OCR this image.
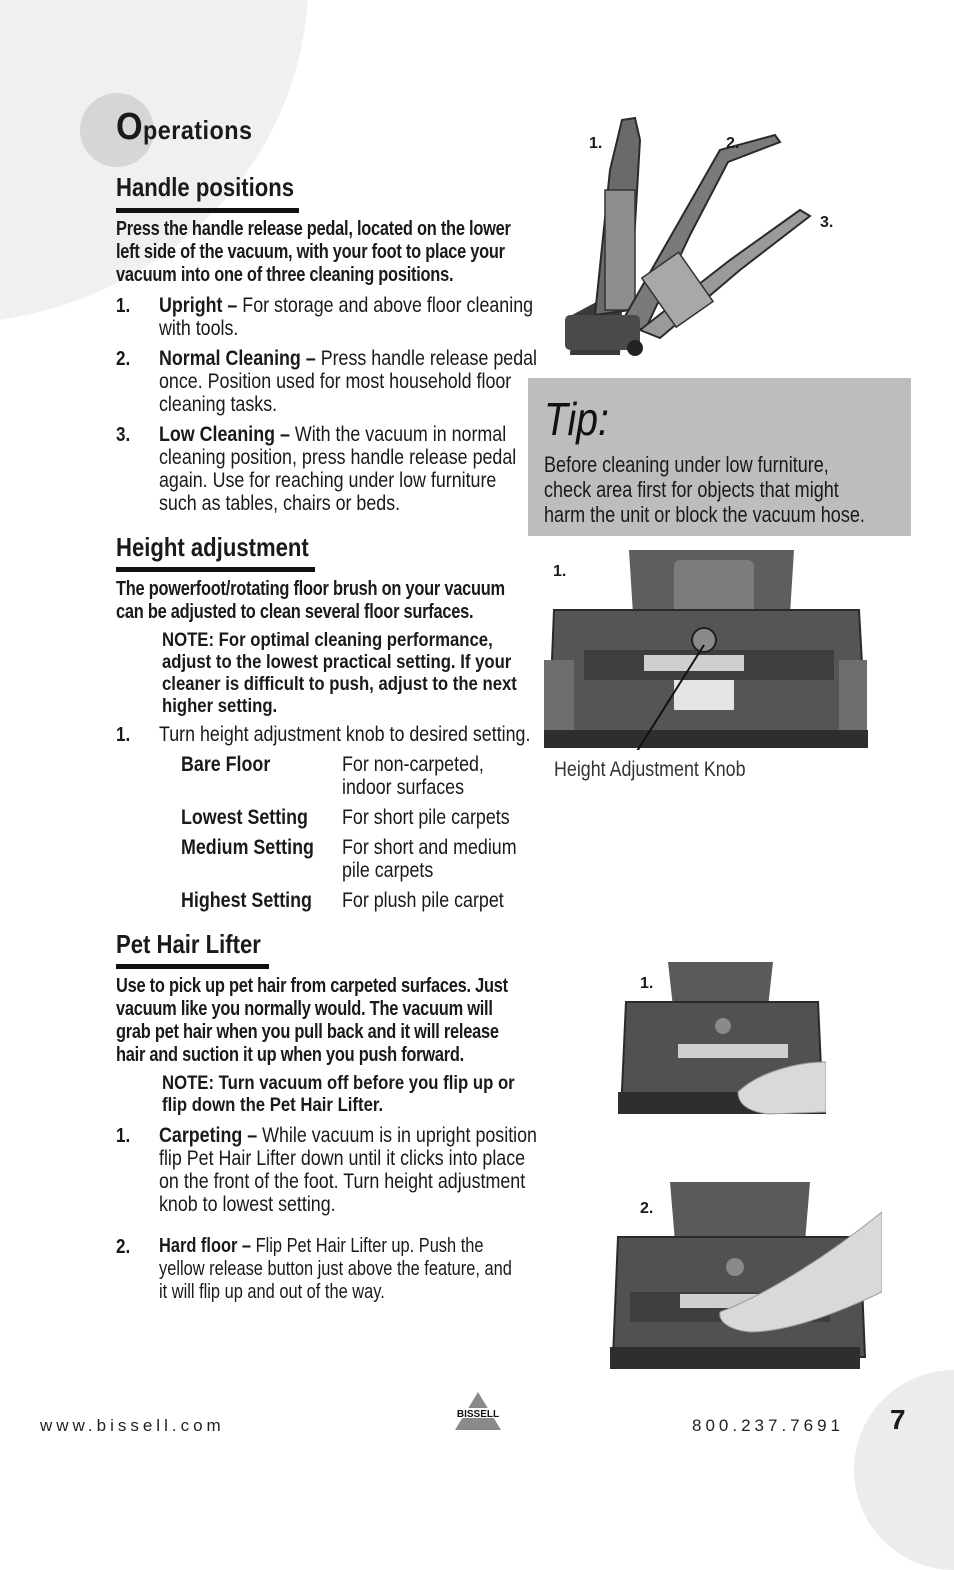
Operations
Handle positions
Press the handle release pedal, located on the lower left side of the vacuum, with your foot to place your vacuum into one of three cleaning positions.
1. Upright – For storage and above floor cleaning with tools.
2. Normal Cleaning – Press handle release pedal once. Position used for most household floor cleaning tasks.
3. Low Cleaning – With the vacuum in normal cleaning position, press handle release pedal again. Use for reaching under low furniture such as tables, chairs or beds.
Height adjustment
The powerfoot/rotating floor brush on your vacuum can be adjusted to clean several floor surfaces.
NOTE: For optimal cleaning performance, adjust to the lowest practical setting. If your cleaner is difficult to push, adjust to the next higher setting.
1. Turn height adjustment knob to desired setting.
Bare Floor	For non-carpeted, indoor surfaces
Lowest Setting For short pile carpets
Medium Setting For short and medium pile carpets
Highest Setting For plush pile carpet
Pet Hair Lifter
Use to pick up pet hair from carpeted surfaces. Just vacuum like you normally would. The vacuum will grab pet hair when you pull back and it will release hair and suction it up when you push forward.
NOTE: Turn vacuum off before you flip up or flip down the Pet Hair Lifter.
1. Carpeting – While vacuum is in upright position flip Pet Hair Lifter down until it clicks into place on the front of the foot. Turn height adjustment knob to lowest setting.
2. Hard floor – Flip Pet Hair Lifter up. Push the yellow release button just above the feature, and it will flip up and out of the way.
1.	2.
3.
Tip:
Before cleaning under low furniture, check area first for objects that might harm the unit or block the vacuum hose.
1.
Height Adjustment Knob
1.
2.
www.bissell.com
BISSELL
800.237.7691 7
